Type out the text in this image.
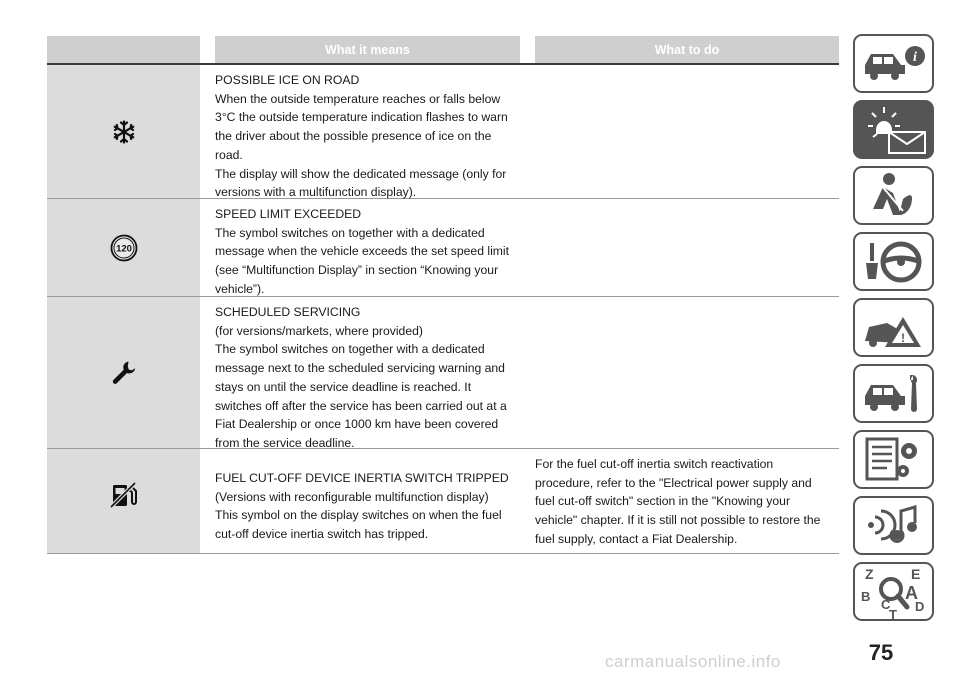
What it means	What to do
POSSIBLE ICE ON ROAD
When the outside temperature reaches or falls below
3°C the outside temperature indication flashes to warn
the driver about the possible presence of ice on the
road.
The display will show the dedicated message (only for
versions with a multifunction display).
120
SPEED LIMIT EXCEEDED
The symbol switches on together with a dedicated
message when the vehicle exceeds the set speed limit
(see “Multifunction Display” in section “Knowing your
vehicle”).
SCHEDULED SERVICING
(for versions/markets, where provided)
The symbol switches on together with a dedicated
message next to the scheduled servicing warning and
stays on until the service deadline is reached. It
switches off after the service has been carried out at a
Fiat Dealership or once 1000 km have been covered
from the service deadline.
FUEL CUT-OFF DEVICE INERTIA SWITCH TRIPPED
(Versions with reconfigurable multifunction display)
This symbol on the display switches on when the fuel
cut-off device inertia switch has tripped.
For the fuel cut-off inertia switch reactivation
procedure, refer to the "Electrical power supply and
fuel cut-off switch" section in the "Knowing your
vehicle" chapter. If it is still not possible to restore the
fuel supply, contact a Fiat Dealership.
i
!
Z	E
A
B
C D
T
75
carmanualsonline.info
